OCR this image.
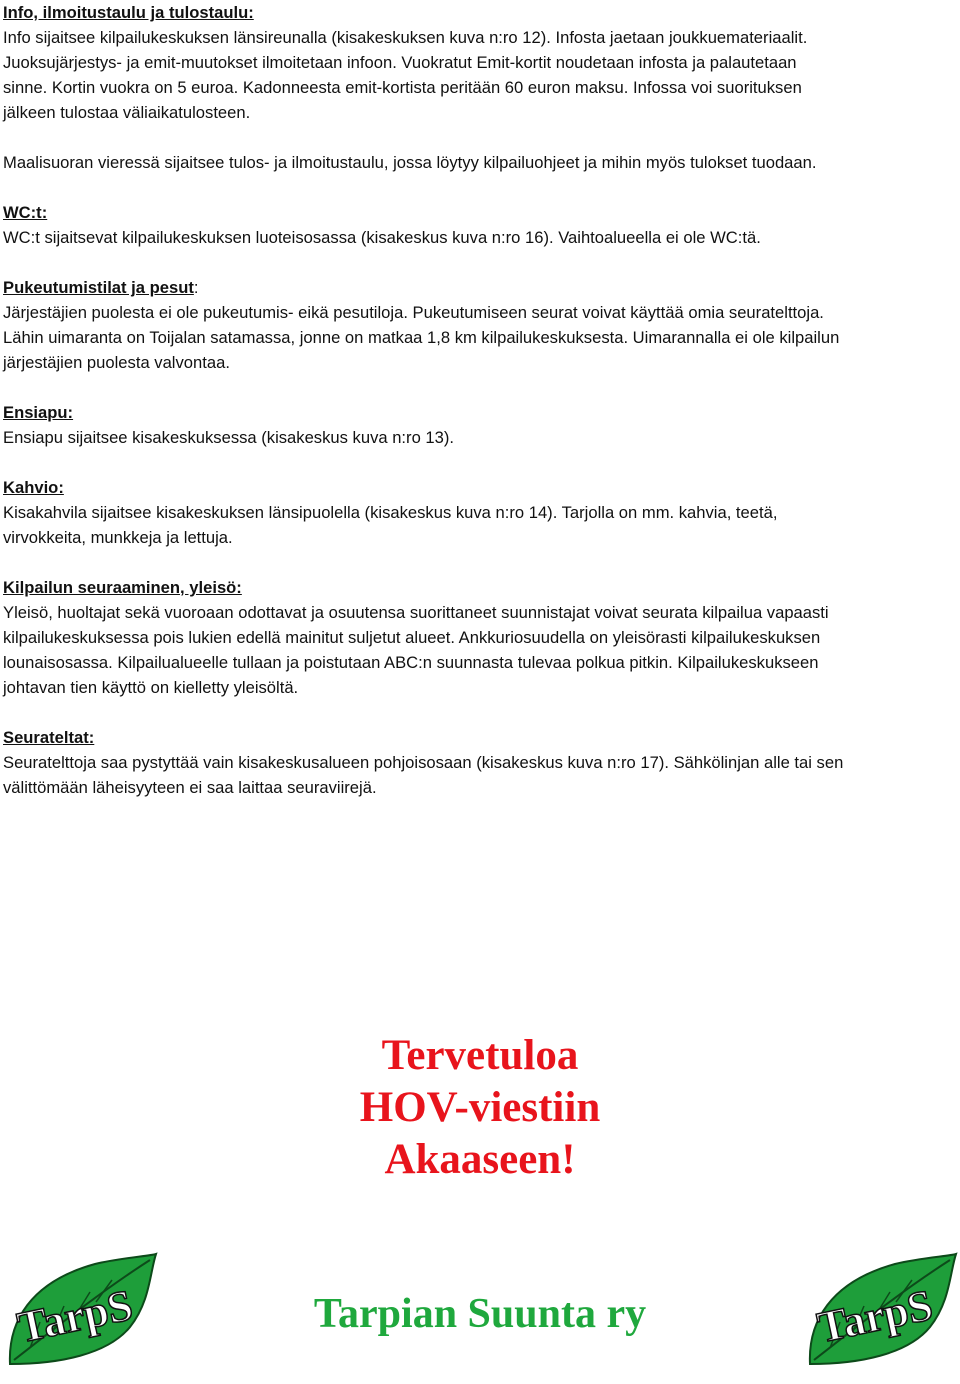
Info, ilmoitustaulu ja tulostaulu:

Info sijaitsee kilpailukeskuksen länsireunalla (kisakeskuksen kuva n:ro 12). Infosta jaetaan joukkuemateriaalit.

Juoksujärjestys- ja emit-muutokset ilmoitetaan infoon. Vuokratut Emit-kortit noudetaan infosta ja palautetaan

sinne. Kortin vuokra on 5 euroa. Kadonneesta emit-kortista peritään 60 euron maksu. Infossa voi suorituksen

jälkeen tulostaa väliaikatulosteen.

Maalisuoran vieressä sijaitsee tulos- ja ilmoitustaulu, jossa löytyy kilpailuohjeet ja mihin myös tulokset tuodaan.

WC:t:

WC:t sijaitsevat kilpailukeskuksen luoteisosassa (kisakeskus kuva n:ro 16). Vaihtoalueella ei ole WC:tä.

Pukeutumistilat ja pesut:

Järjestäjien puolesta ei ole pukeutumis- eikä pesutiloja. Pukeutumiseen seurat voivat käyttää omia seuratelttoja.

Lähin uimaranta on Toijalan satamassa, jonne on matkaa 1,8 km kilpailukeskuksesta. Uimarannalla ei ole kilpailun

järjestäjien puolesta valvontaa.

Ensiapu:

Ensiapu sijaitsee kisakeskuksessa (kisakeskus kuva n:ro 13).

Kahvio:

Kisakahvila sijaitsee kisakeskuksen länsipuolella (kisakeskus kuva n:ro 14). Tarjolla on mm. kahvia, teetä,

virvokkeita, munkkeja ja lettuja.

Kilpailun seuraaminen, yleisö:

Yleisö, huoltajat sekä vuoroaan odottavat ja osuutensa suorittaneet suunnistajat voivat seurata kilpailua vapaasti

kilpailukeskuksessa pois lukien edellä mainitut suljetut alueet. Ankkuriosuudella on yleisörasti kilpailukeskuksen

lounaisosassa. Kilpailualueelle tullaan ja poistutaan ABC:n suunnasta tulevaa polkua pitkin. Kilpailukeskukseen

johtavan tien käyttö on kielletty yleisöltä.

Seurateltat:

Seuratelttoja saa pystyttää vain kisakeskusalueen pohjoisosaan (kisakeskus kuva n:ro 17). Sähkölinjan alle tai sen

välittömään läheisyyteen ei saa laittaa seuraviirejä.

Tervetuloa
HOV-viestiin
Akaaseen!
Tarpian Suunta ry
TarpS	TarpS
